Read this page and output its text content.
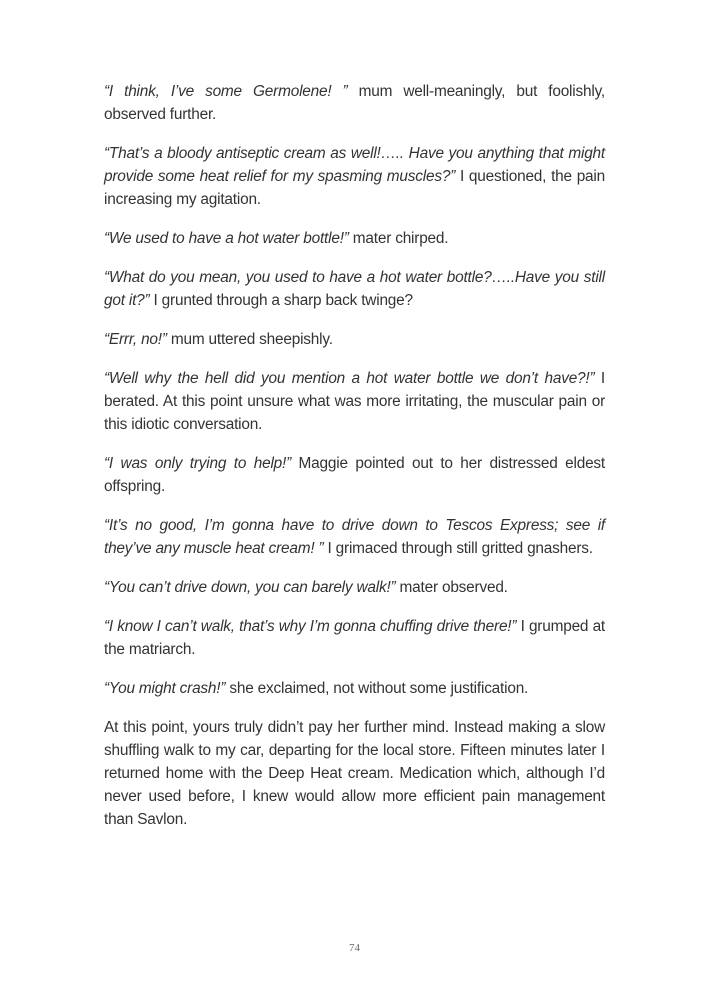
“I think, I’ve some Germolene! ” mum well-meaningly, but foolishly, observed further.

“That’s a bloody antiseptic cream as well!….. Have you anything that might provide some heat relief for my spasming muscles?” I questioned, the pain increasing my agitation.

“We used to have a hot water bottle!” mater chirped.

“What do you mean, you used to have a hot water bottle?…..Have you still got it?” I grunted through a sharp back twinge?

“Errr, no!” mum uttered sheepishly.

“Well why the hell did you mention a hot water bottle we don’t have?!” I berated. At this point unsure what was more irritating, the muscular pain or this idiotic conversation.

“I was only trying to help!” Maggie pointed out to her distressed eldest offspring.

“It’s no good, I’m gonna have to drive down to Tescos Express; see if they’ve any muscle heat cream! ” I grimaced through still gritted gnashers.

“You can’t drive down, you can barely walk!” mater observed.

“I know I can’t walk, that’s why I’m gonna chuffing drive there!” I grumped at the matriarch.

“You might crash!” she exclaimed, not without some justification.

At this point, yours truly didn’t pay her further mind. Instead making a slow shuffling walk to my car, departing for the local store. Fifteen minutes later I returned home with the Deep Heat cream. Medication which, although I’d never used before, I knew would allow more efficient pain management than Savlon.

74
